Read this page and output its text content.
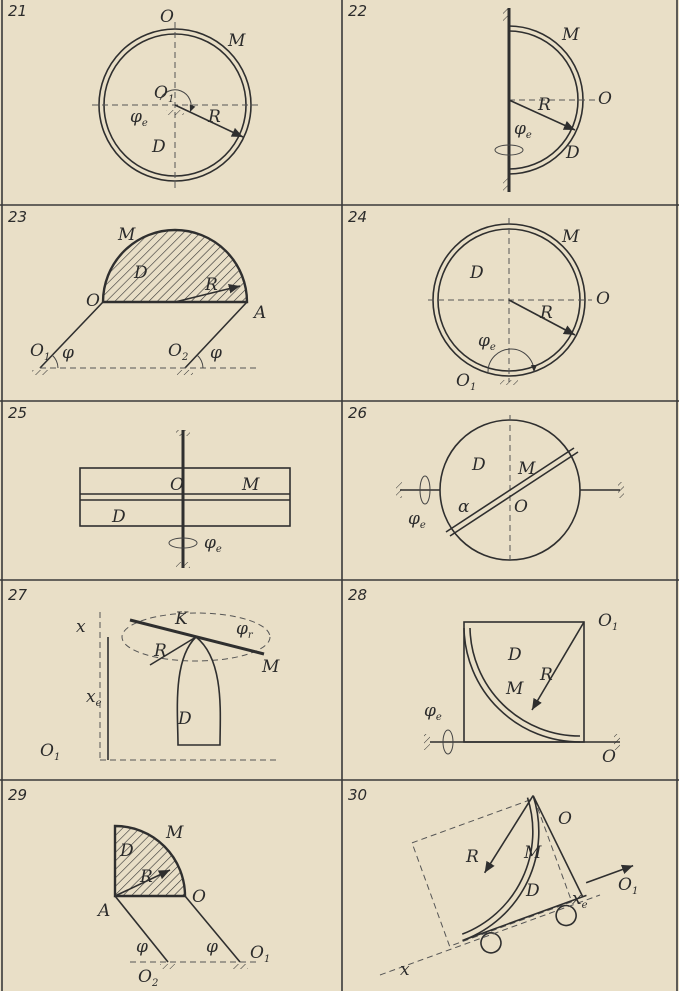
21	O
M
$O_1$
$\varphi_e$	R
D
22
M
R	O
$\varphi_e$
D
23
M
D
R
O
A
$O_1$ φ	$O_2$ φ
24
M
D
O
R
$\varphi_e$
$O_1$
25
O	M
D
$\varphi_e$
26
D M
α	O
$\varphi_e$
27
x	K	$\varphi_r$
R
M
$x_e$
D
$O_1$
28
$O_1$
D
R
M
$\varphi_e$
O
29
M
D
R
O
A
φ	φ $O_1$
$O_2$
30
O
R	M
D	$O_1$
$x_e$
x
